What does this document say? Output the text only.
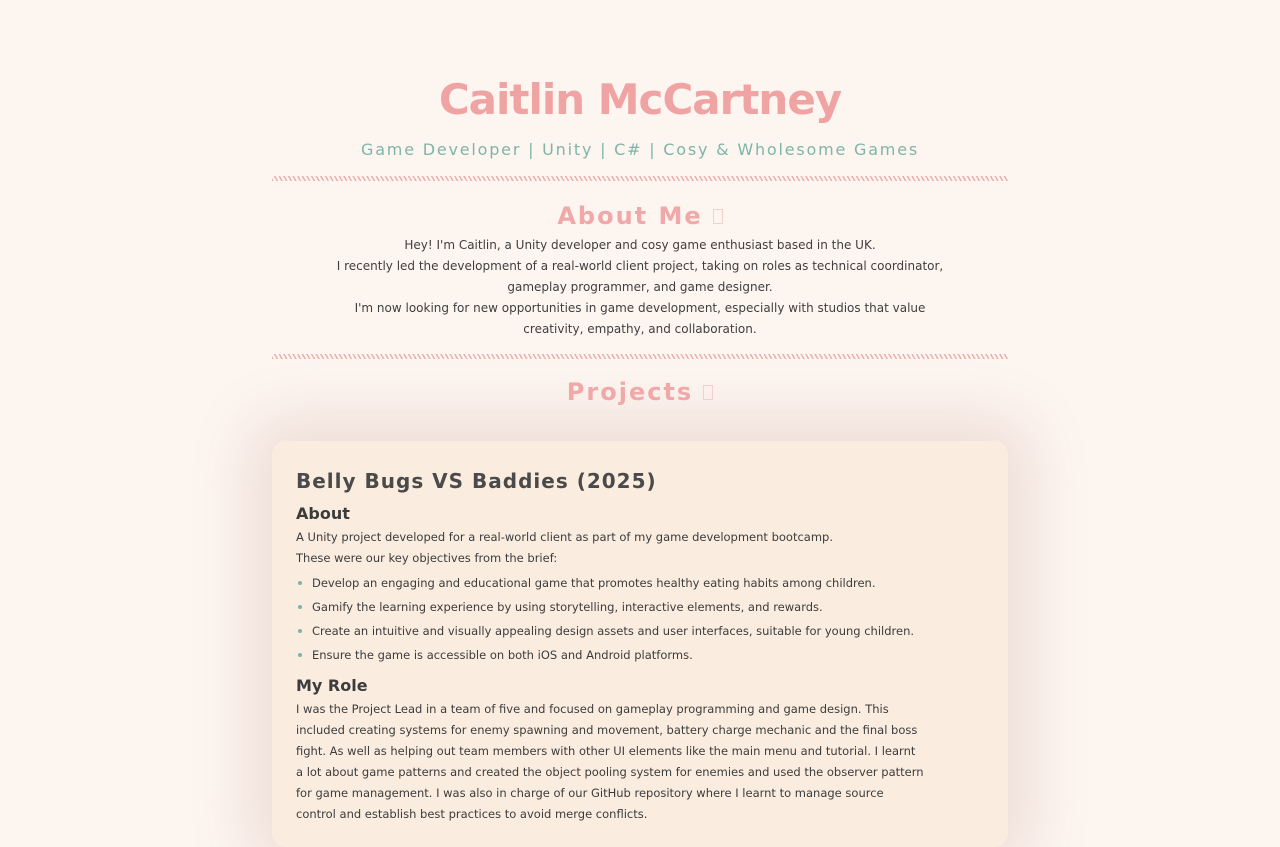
Caitlin McCartney
Game Developer | Unity | C# | Cosy & Wholesome Games
About Me

Hey! I'm Caitlin, a Unity developer and cosy game enthusiast based in the UK.

I recently led the development of a real-world client project, taking on roles as technical coordinator, gameplay programmer, and game designer.

I'm now looking for new opportunities in game development, especially with studios that value creativity, empathy, and collaboration.

Projects
Belly Bugs VS Baddies (2025)
About

A Unity project developed for a real-world client as part of my game development bootcamp.

These were our key objectives from the brief:

Develop an engaging and educational game that promotes healthy eating habits among children.
Gamify the learning experience by using storytelling, interactive elements, and rewards.
Create an intuitive and visually appealing design assets and user interfaces, suitable for young children.
Ensure the game is accessible on both iOS and Android platforms.
My Role

I was the Project Lead in a team of five and focused on gameplay programming and game design. This included creating systems for enemy spawning and movement, battery charge mechanic and the final boss fight. As well as helping out team members with other UI elements like the main menu and tutorial. I learnt a lot about game patterns and created the object pooling system for enemies and used the observer pattern for game management. I was also in charge of our GitHub repository where I learnt to manage source control and establish best practices to avoid merge conflicts.
